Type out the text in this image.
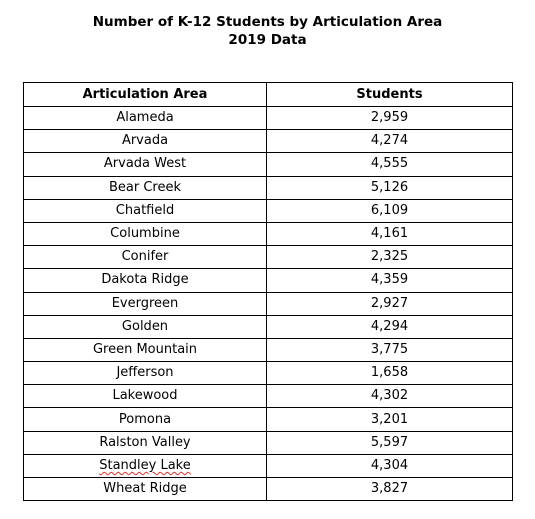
Number of K-12 Students by Articulation Area
2019 Data
Articulation Area	Students
Alameda	2,959
Arvada	4,274
Arvada West	4,555
Bear Creek	5,126
Chatfield	6,109
Columbine	4,161
Conifer	2,325
Dakota Ridge	4,359
Evergreen	2,927
Golden	4,294
Green Mountain	3,775
Jefferson	1,658
Lakewood	4,302
Pomona	3,201
Ralston Valley	5,597
Standley Lake	4,304
Wheat Ridge	3,827
